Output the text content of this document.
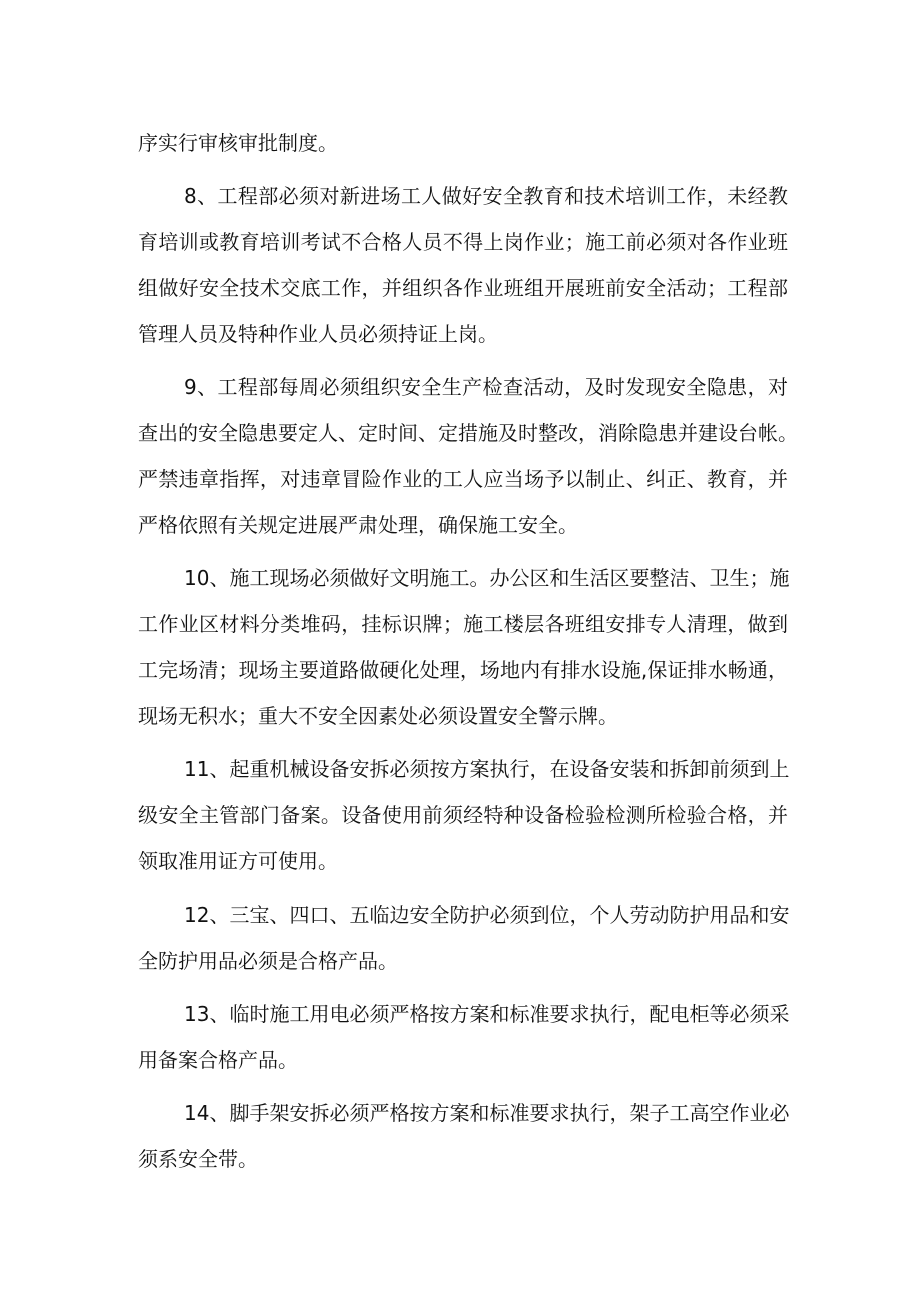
序实行审核审批制度。
8、工程部必须对新进场工人做好安全教育和技术培训工作，未经教
育培训或教育培训考试不合格人员不得上岗作业；施工前必须对各作业班
组做好安全技术交底工作，并组织各作业班组开展班前安全活动；工程部
管理人员及特种作业人员必须持证上岗。
9、工程部每周必须组织安全生产检查活动，及时发现安全隐患，对
查出的安全隐患要定人、定时间、定措施及时整改，消除隐患并建设台帐。
严禁违章指挥，对违章冒险作业的工人应当场予以制止、纠正、教育，并
严格依照有关规定进展严肃处理，确保施工安全。
10、施工现场必须做好文明施工。办公区和生活区要整洁、卫生；施
工作业区材料分类堆码，挂标识牌；施工楼层各班组安排专人清理，做到
工完场清；现场主要道路做硬化处理，场地内有排水设施,保证排水畅通，
现场无积水；重大不安全因素处必须设置安全警示牌。
11、起重机械设备安拆必须按方案执行，在设备安装和拆卸前须到上
级安全主管部门备案。设备使用前须经特种设备检验检测所检验合格，并
领取准用证方可使用。
12、三宝、四口、五临边安全防护必须到位，个人劳动防护用品和安
全防护用品必须是合格产品。
13、临时施工用电必须严格按方案和标准要求执行，配电柜等必须采
用备案合格产品。
14、脚手架安拆必须严格按方案和标准要求执行，架子工高空作业必
须系安全带。
